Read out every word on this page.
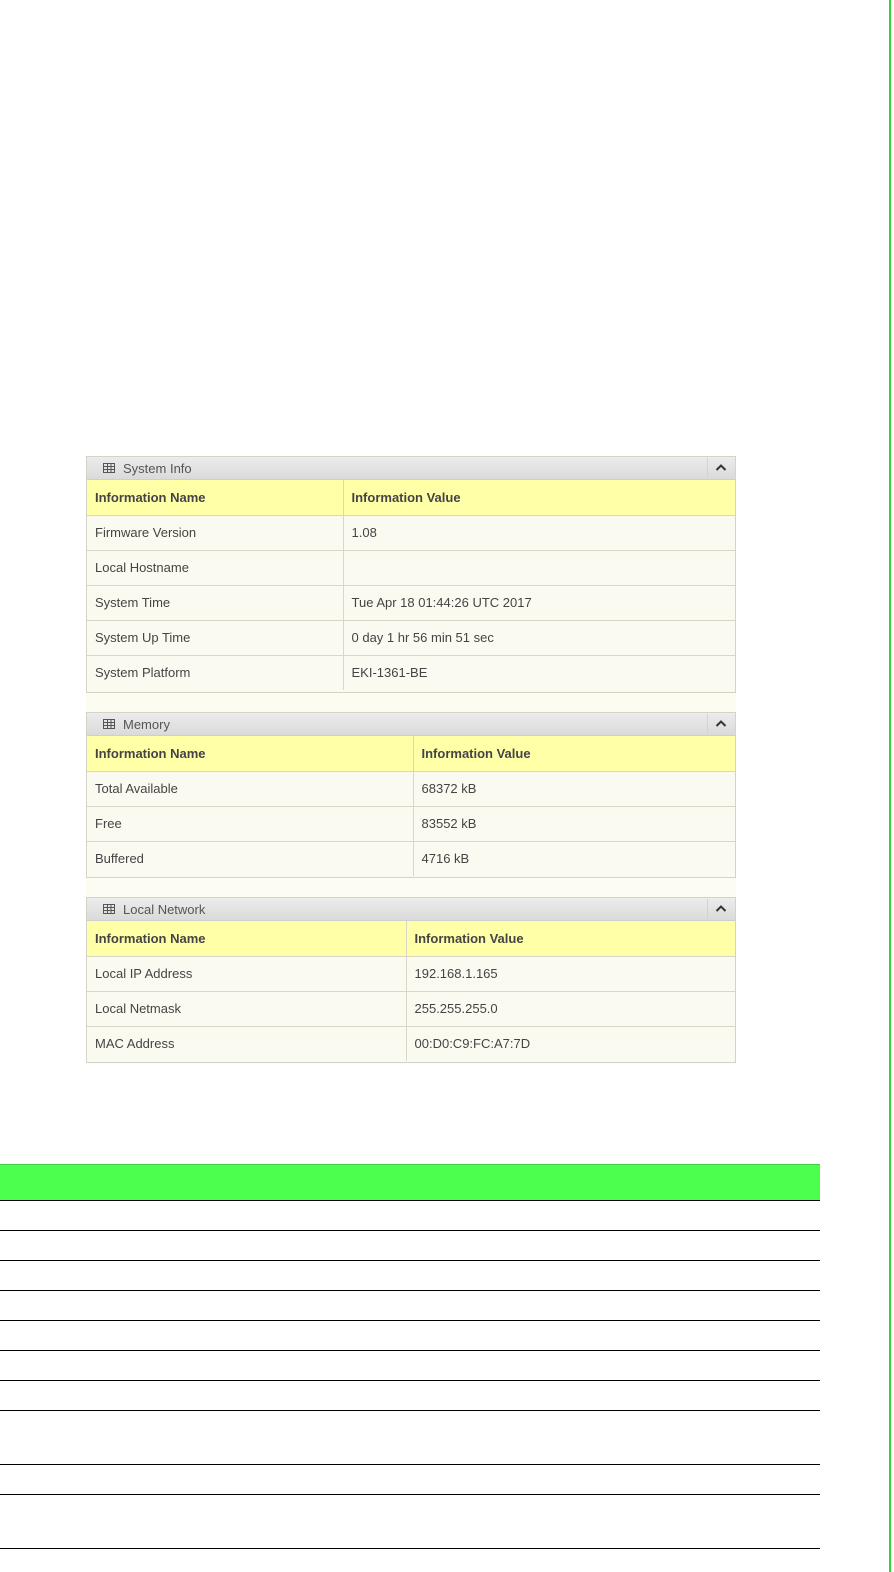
System Info
Information Name	Information Value
Firmware Version	1.08
Local Hostname	
System Time	Tue Apr 18 01:44:26 UTC 2017
System Up Time	0 day 1 hr 56 min 51 sec
System Platform	EKI-1361-BE
Memory
Information Name	Information Value
Total Available	68372 kB
Free	83552 kB
Buffered	4716 kB
Local Network
Information Name	Information Value
Local IP Address	192.168.1.165
Local Netmask	255.255.255.0
MAC Address	00:D0:C9:FC:A7:7D
